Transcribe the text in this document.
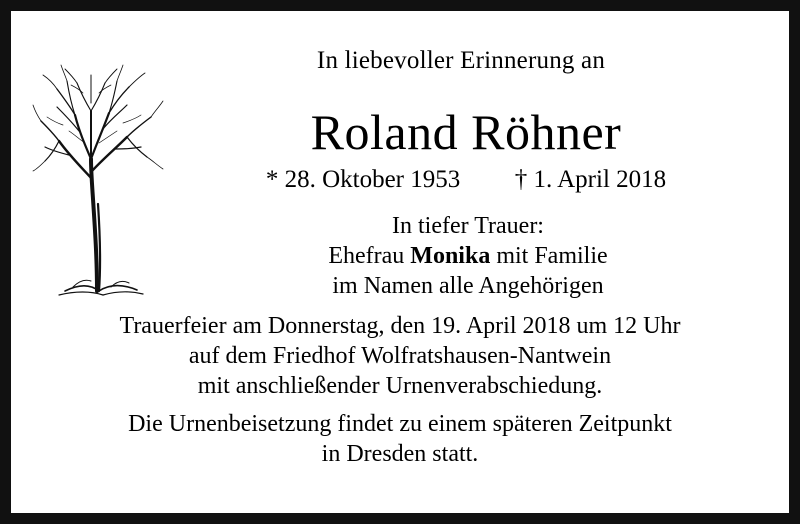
In liebevoller Erinnerung an
Roland Röhner
* 28. Oktober 1953 † 1. April 2018
In tiefer Trauer:
Ehefrau Monika mit Familie
im Namen alle Angehörigen
Trauerfeier am Donnerstag, den 19. April 2018 um 12 Uhr
auf dem Friedhof Wolfratshausen-Nantwein
mit anschließender Urnenverabschiedung.
Die Urnenbeisetzung findet zu einem späteren Zeitpunkt
in Dresden statt.
